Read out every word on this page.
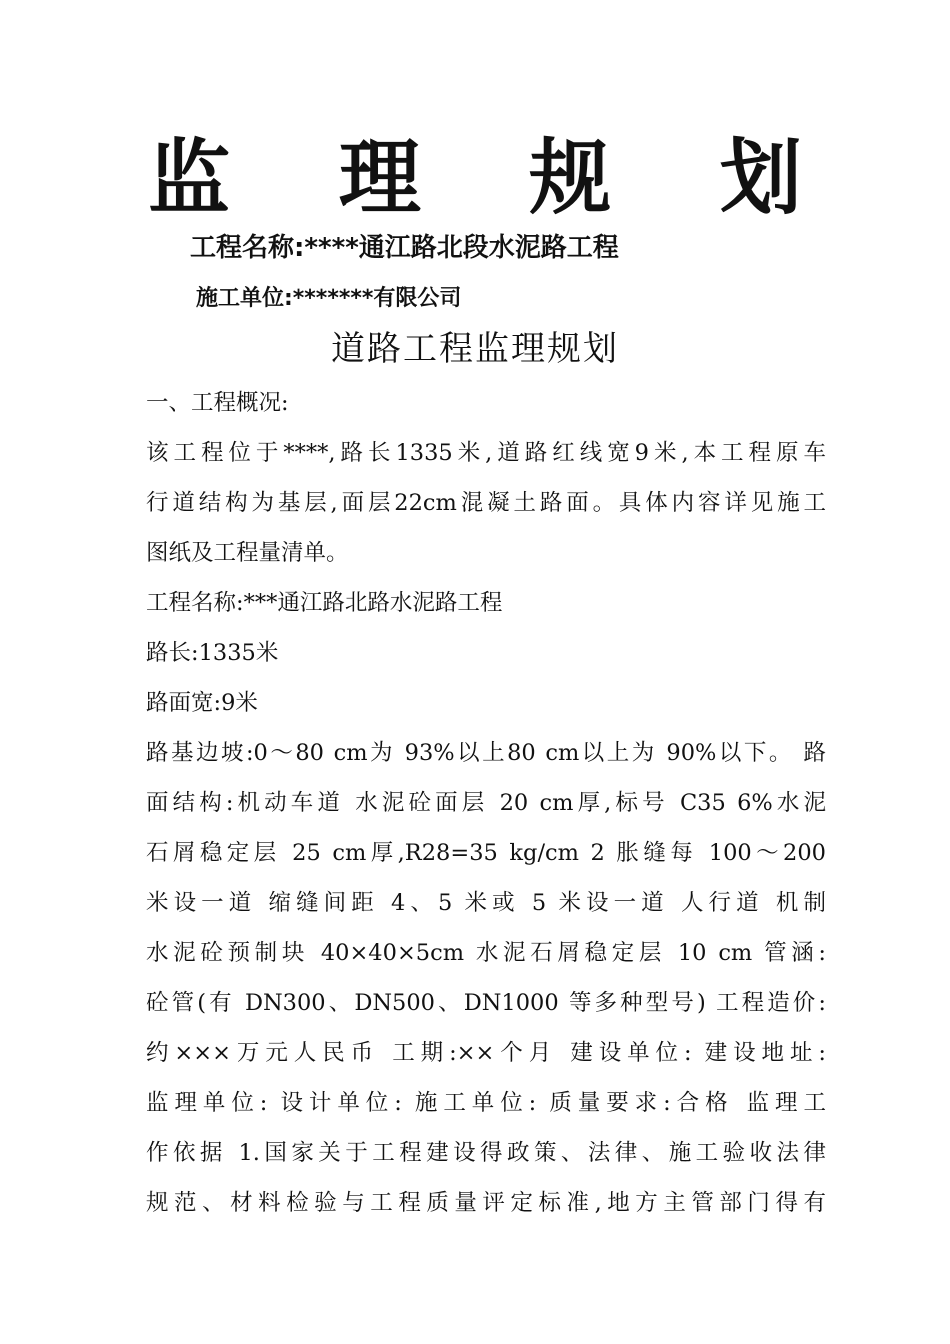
监 理 规 划
工程名称:****通江路北段水泥路工程
施工单位:*******有限公司
道路工程监理规划
一、工程概况:
该工程位于****,路长1335米,道路红线宽9米,本工程原车
行道结构为基层,面层22cm混凝土路面。具体内容详见施工
图纸及工程量清单。
工程名称:***通江路北路水泥路工程
路长:1335米
路面宽:9米
路基边坡:0～80 cm为 93%以上80 cm以上为 90%以下。 路
面结构:机动车道 水泥砼面层 20 cm厚,标号 C35 6%水泥
石屑稳定层 25 cm厚,R28=35 kg/cm 2 胀缝每 100～200
米设一道 缩缝间距 4、5 米或 5 米设一道 人行道 机制
水泥砼预制块 40×40×5cm 水泥石屑稳定层 10 cm 管涵:
砼管(有 DN300、DN500、DN1000 等多种型号) 工程造价:
约×××万元人民币 工期:××个月 建设单位: 建设地址:
监理单位: 设计单位: 施工单位: 质量要求:合格 监理工
作依据 1.国家关于工程建设得政策、法律、施工验收法律
规范、材料检验与工程质量评定标准,地方主管部门得有
